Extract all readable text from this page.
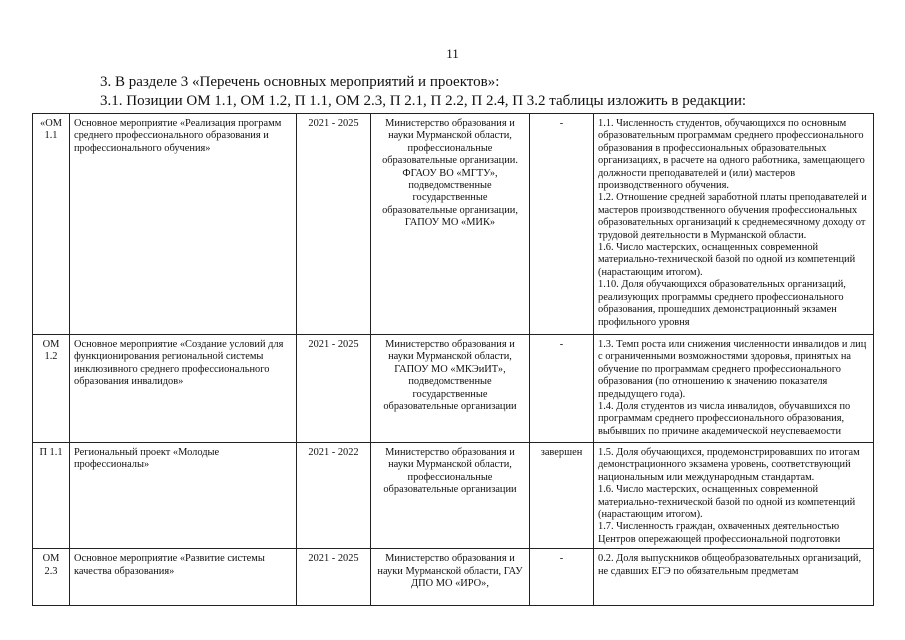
11
3. В разделе 3 «Перечень основных мероприятий и проектов»:
3.1. Позиции ОМ 1.1, ОМ 1.2, П 1.1, ОМ 2.3, П 2.1, П 2.2, П 2.4, П 3.2 таблицы изложить в редакции:
«ОМ 1.1	Основное мероприятие «Реализация программ среднего профессионального образования и профессионального обучения»	2021 - 2025	Министерство образования и науки Мурманской области, профессиональные образовательные организации. ФГАОУ ВО «МГТУ», подведомственные государственные образовательные организации, ГАПОУ МО «МИК»	-	1.1. Численность студентов, обучающихся по основным образовательным программам среднего профессионального образования в профессиональных образовательных организациях, в расчете на одного работника, замещающего должности преподавателей и (или) мастеров производственного обучения.
1.2. Отношение средней заработной платы преподавателей и мастеров производственного обучения профессиональных образовательных организаций к среднемесячному доходу от трудовой деятельности в Мурманской области.
1.6. Число мастерских, оснащенных современной материально-технической базой по одной из компетенций (нарастающим итогом).
1.10. Доля обучающихся образовательных организаций, реализующих программы среднего профессионального образования, прошедших демонстрационный экзамен профильного уровня

ОМ 1.2	Основное мероприятие «Создание условий для функционирования региональной системы инклюзивного среднего профессионального образования инвалидов»	2021 - 2025	Министерство образования и науки Мурманской области, ГАПОУ МО «МКЭиИТ», подведомственные государственные образовательные организации	-	1.3. Темп роста или снижения численности инвалидов и лиц с ограниченными возможностями здоровья, принятых на обучение по программам среднего профессионального образования (по отношению к значению показателя предыдущего года).
1.4. Доля студентов из числа инвалидов, обучавшихся по программам среднего профессионального образования, выбывших по причине академической неуспеваемости

П 1.1	Региональный проект «Молодые профессионалы»	2021 - 2022	Министерство образования и науки Мурманской области, профессиональные образовательные организации	завершен	1.5. Доля обучающихся, продемонстрировавших по итогам демонстрационного экзамена уровень, соответствующий национальным или международным стандартам.
1.6. Число мастерских, оснащенных современной материально-технической базой по одной из компетенций (нарастающим итогом).
1.7. Численность граждан, охваченных деятельностью Центров опережающей профессиональной подготовки

ОМ 2.3	Основное мероприятие «Развитие системы качества образования»	2021 - 2025	Министерство образования и науки Мурманской области, ГАУ ДПО МО «ИРО»,	-	0.2. Доля выпускников общеобразовательных организаций, не сдавших ЕГЭ по обязательным предметам
